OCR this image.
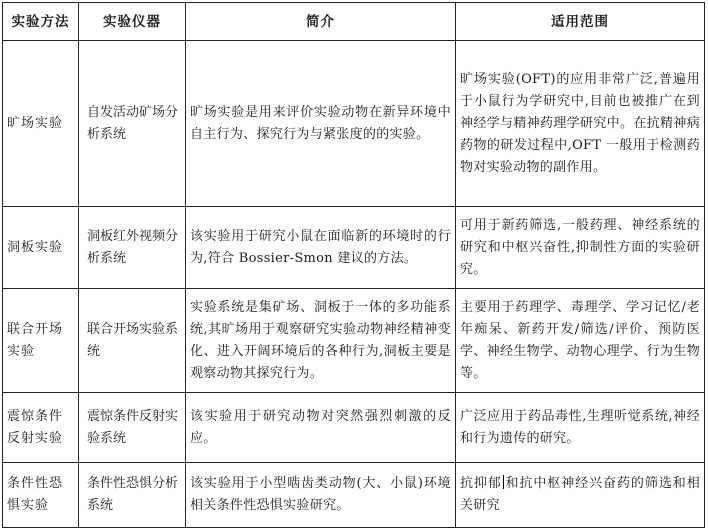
实验方法	实验仪器	简介	适用范围
旷场实验	自发活动矿场分析系统	旷场实验是用来评价实验动物在新异环境中自主行为、探究行为与紧张度的的实验。	旷场实验(OFT)的应用非常广泛,普遍用于小鼠行为学研究中,目前也被推广在到神经学与精神药理学研究中。在抗精神病药物的研发过程中,OFT 一般用于检测药物对实验动物的副作用。
洞板实验	洞板红外视频分析系统	该实验用于研究小鼠在面临新的环境时的行为,符合 Bossier-Smon 建议的方法。	可用于新药筛选,一般药理、神经系统的研究和中枢兴奋性,抑制性方面的实验研究。
联合开场实验	联合开场实验系统	实验系统是集矿场、洞板于一体的多功能系统,其旷场用于观察研究实验动物神经精神变化、进入开阔环境后的各种行为,洞板主要是观察动物其探究行为。	主要用于药理学、毒理学、学习记忆/老年痴呆、新药开发/筛选/评价、预防医学、神经生物学、动物心理学、行为生物等。
震惊条件反射实验	震惊条件反射实验系统	该实验用于研究动物对突然强烈刺激的反应。	广泛应用于药品毒性,生理听觉系统,神经和行为遗传的研究。
条件性恐惧实验	条件性恐惧分析系统	该实验用于小型啮齿类动物(大、小鼠)环境相关条件性恐惧实验研究。	抗抑郁 和抗中枢神经兴奋药的筛选和相关研究
